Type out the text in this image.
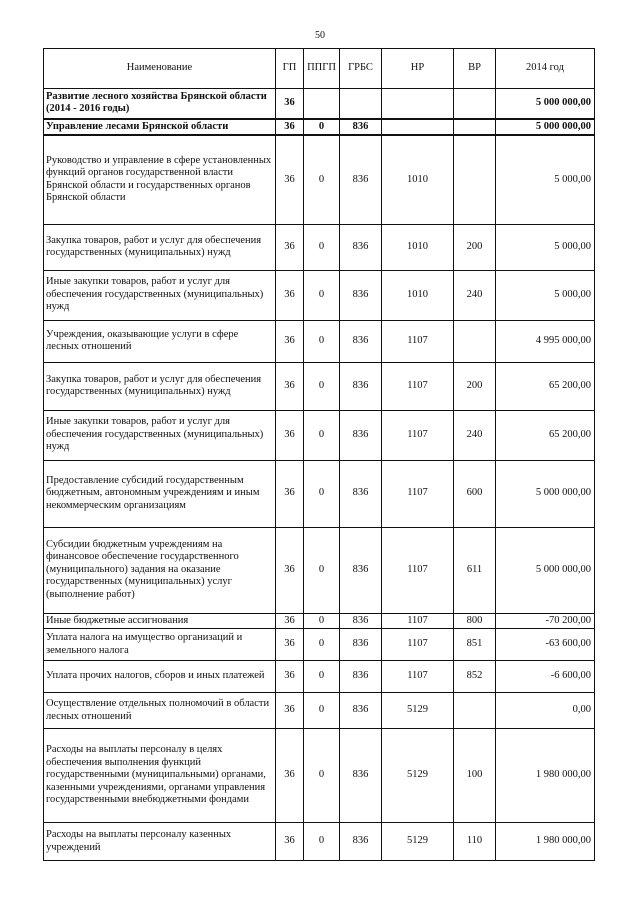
50
Наименование	ГП	ППГП	ГРБС	НР	ВР	2014 год
Развитие лесного хозяйства Брянской области (2014 - 2016 годы)	36					5 000 000,00
Управление лесами Брянской области	36	0	836			5 000 000,00
Руководство и управление в сфере установленных функций органов государственной власти Брянской области и государственных органов Брянской области	36	0	836	1010		5 000,00
Закупка товаров, работ и услуг для обеспечения государственных (муниципальных) нужд	36	0	836	1010	200	5 000,00
Иные закупки товаров, работ и услуг для обеспечения государственных (муниципальных) нужд	36	0	836	1010	240	5 000,00
Учреждения, оказывающие услуги в сфере лесных отношений	36	0	836	1107		4 995 000,00
Закупка товаров, работ и услуг для обеспечения государственных (муниципальных) нужд	36	0	836	1107	200	65 200,00
Иные закупки товаров, работ и услуг для обеспечения государственных (муниципальных) нужд	36	0	836	1107	240	65 200,00
Предоставление субсидий государственным бюджетным, автономным учреждениям и иным некоммерческим организациям	36	0	836	1107	600	5 000 000,00
Субсидии бюджетным учреждениям на финансовое обеспечение государственного (муниципального) задания на оказание государственных (муниципальных) услуг (выполнение работ)	36	0	836	1107	611	5 000 000,00
Иные бюджетные ассигнования	36	0	836	1107	800	-70 200,00
Уплата налога на имущество организаций и земельного налога	36	0	836	1107	851	-63 600,00
Уплата прочих налогов, сборов и иных платежей	36	0	836	1107	852	-6 600,00
Осуществление отдельных полномочий в области лесных отношений	36	0	836	5129		0,00
Расходы на выплаты персоналу в целях обеспечения выполнения функций государственными (муниципальными) органами, казенными учреждениями, органами управления государственными внебюджетными фондами	36	0	836	5129	100	1 980 000,00
Расходы на выплаты персоналу казенных учреждений	36	0	836	5129	110	1 980 000,00
